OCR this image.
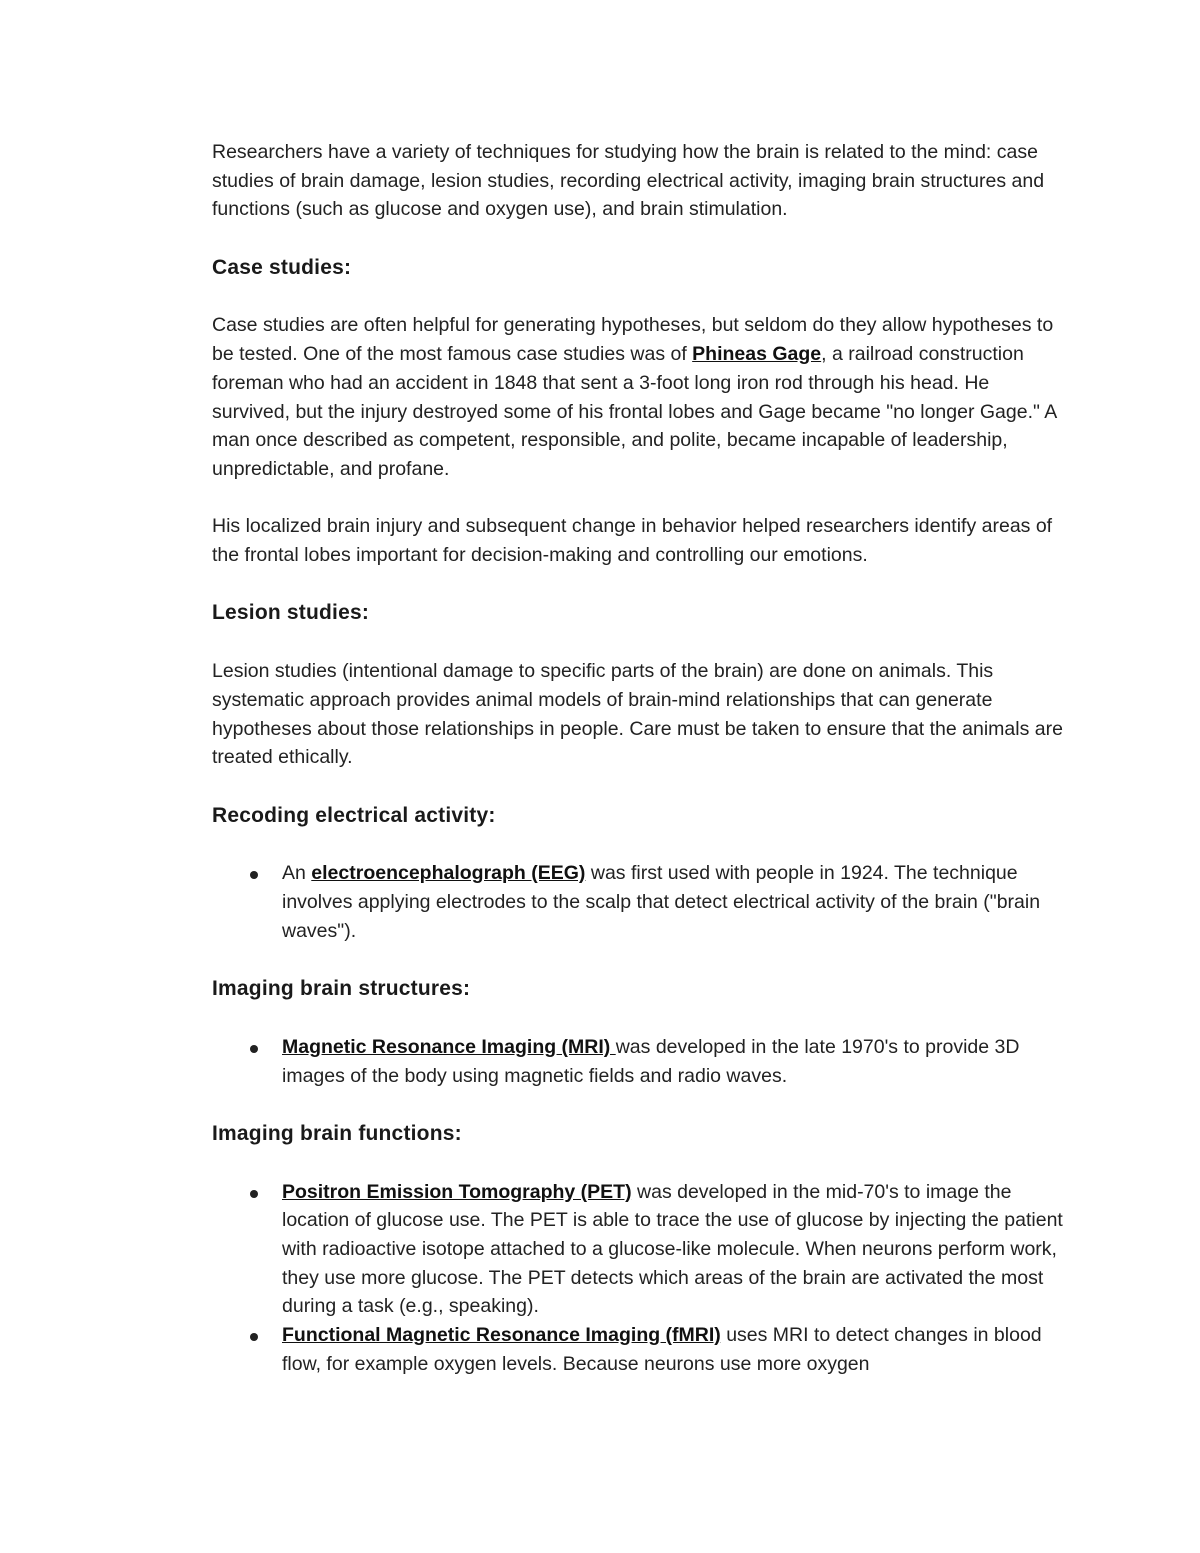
Researchers have a variety of techniques for studying how the brain is related to the mind: case studies of brain damage, lesion studies, recording electrical activity, imaging brain structures and functions (such as glucose and oxygen use), and brain stimulation.

Case studies:

Case studies are often helpful for generating hypotheses, but seldom do they allow hypotheses to be tested. One of the most famous case studies was of Phineas Gage, a railroad construction foreman who had an accident in 1848 that sent a 3-foot long iron rod through his head. He survived, but the injury destroyed some of his frontal lobes and Gage became "no longer Gage." A man once described as competent, responsible, and polite, became incapable of leadership, unpredictable, and profane.

His localized brain injury and subsequent change in behavior helped researchers identify areas of the frontal lobes important for decision-making and controlling our emotions.

Lesion studies:

Lesion studies (intentional damage to specific parts of the brain) are done on animals. This systematic approach provides animal models of brain-mind relationships that can generate hypotheses about those relationships in people. Care must be taken to ensure that the animals are treated ethically.

Recoding electrical activity:
An electroencephalograph (EEG) was first used with people in 1924. The technique involves applying electrodes to the scalp that detect electrical activity of the brain ("brain waves").
Imaging brain structures:
Magnetic Resonance Imaging (MRI) was developed in the late 1970's to provide 3D images of the body using magnetic fields and radio waves.
Imaging brain functions:
Positron Emission Tomography (PET) was developed in the mid-70's to image the location of glucose use. The PET is able to trace the use of glucose by injecting the patient with radioactive isotope attached to a glucose-like molecule. When neurons perform work, they use more glucose. The PET detects which areas of the brain are activated the most during a task (e.g., speaking).
Functional Magnetic Resonance Imaging (fMRI) uses MRI to detect changes in blood flow, for example oxygen levels. Because neurons use more oxygen
